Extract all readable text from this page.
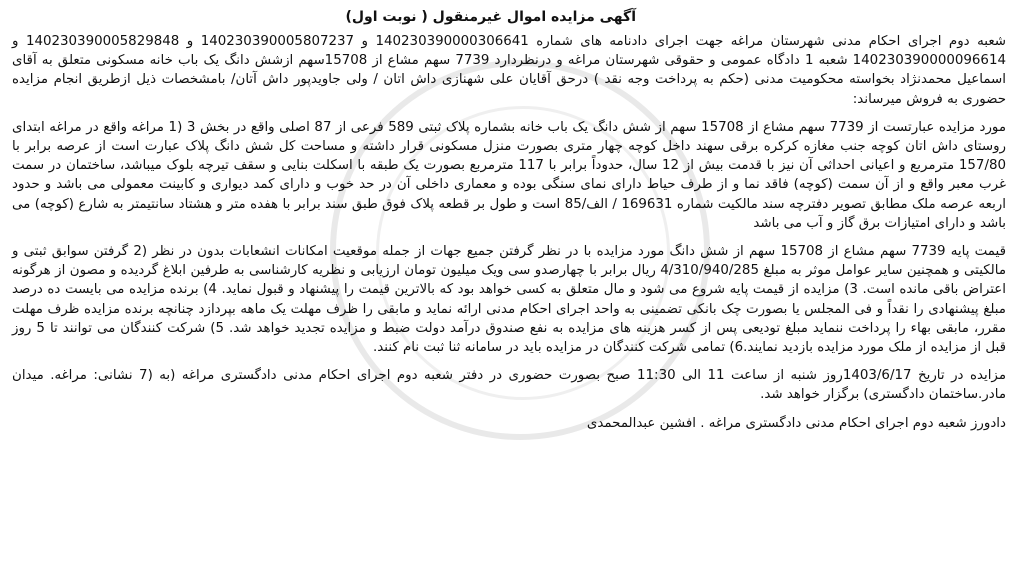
آگهی مزایده اموال غیرمنقول ( نوبت اول)

شعبه دوم اجرای احکام مدنی شهرستان مراغه جهت اجرای دادنامه های شماره 140230390000306641 و 140230390005807237 و 140230390005829848 و 140230390000096614 شعبه 1 دادگاه عمومی و حقوقی شهرستان مراغه و درنظردارد 7739 سهم مشاع از 15708سهم ازشش دانگ یک باب خانه مسکونی متعلق به آقای اسماعیل محمدنژاد بخواسته محکومیت مدنی (حکم به پرداخت وجه نقد ) درحق آقایان علی شهنازی داش اتان / ولی جاویدپور داش آتان/ بامشخصات ذیل ازطریق انجام مزایده حضوری به فروش میرساند:

مورد مزایده عبارتست از 7739 سهم مشاع از 15708 سهم از شش دانگ یک باب خانه بشماره پلاک ثبتی 589 فرعی از 87 اصلی واقع در بخش 3 (1 مراغه واقع در مراغه ابتدای روستای داش اتان کوچه جنب مغازه کرکره برقی سهند داخل کوچه چهار متری بصورت منزل مسکونی قرار داشته و مساحت کل شش دانگ پلاک عبارت است از عرصه برابر با 157/80 مترمربع و اعیانی احداثی آن نیز با قدمت بیش از 12 سال، حدوداً برابر با 117 مترمربع بصورت یک طبقه با اسکلت بنایی و سقف تیرچه بلوک میباشد، ساختمان در سمت غرب معبر واقع و از آن سمت (کوچه) فاقد نما و از طرف حیاط دارای نمای سنگی بوده و معماری داخلی آن در حد خوب و دارای کمد دیواری و کابینت معمولی می باشد و حدود اربعه عرصه ملک مطابق تصویر دفترچه سند مالکیت شماره 169631 / الف/85 است و طول بر قطعه پلاک فوق طبق سند برابر با هفده متر و هشتاد سانتیمتر به شارع (کوچه) می باشد و دارای امتیازات برق گاز و آب می باشد

قیمت پایه 7739 سهم مشاع از 15708 سهم از شش دانگ مورد مزایده با در نظر گرفتن جمیع جهات از جمله موقعیت امکانات انشعابات بدون در نظر (2 گرفتن سوابق ثبتی و مالکیتی و همچنین سایر عوامل موثر به مبلغ 4/310/940/285 ریال برابر با چهارصدو سی ویک میلیون تومان ارزیابی و نظریه کارشناسی به طرفین ابلاغ گردیده و مصون از هرگونه اعتراض باقی مانده است. 3) مزایده از قیمت پایه شروع می شود و مال متعلق به کسی خواهد بود که بالاترین قیمت را پیشنهاد و قبول نماید. 4) برنده مزایده می بایست ده درصد مبلغ پیشنهادی را نقداً و فی المجلس یا بصورت چک بانکی تضمینی به واحد اجرای احکام مدنی ارائه نماید و مابقی را ظرف مهلت یک ماهه بپردازد چنانچه برنده مزایده ظرف مهلت مقرر، مابقی بهاء را پرداخت ننماید مبلغ تودیعی پس از کسر هزینه های مزایده به نفع صندوق درآمد دولت ضبط و مزایده تجدید خواهد شد. 5) شرکت کنندگان می توانند تا 5 روز قبل از مزایده از ملک مورد مزایده بازدید نمایند.6) تمامی شرکت کنندگان در مزایده باید در سامانه ثنا ثبت نام کنند.

مزایده در تاریخ 1403/6/17روز شنبه از ساعت 11 الی 11:30 صبح بصورت حضوری در دفتر شعبه دوم اجرای احکام مدنی دادگستری مراغه (به (7 نشانی: مراغه. میدان مادر.ساختمان دادگستری) برگزار خواهد شد.

دادورز شعبه دوم اجرای احکام مدنی دادگستری مراغه . افشین عبدالمحمدی
